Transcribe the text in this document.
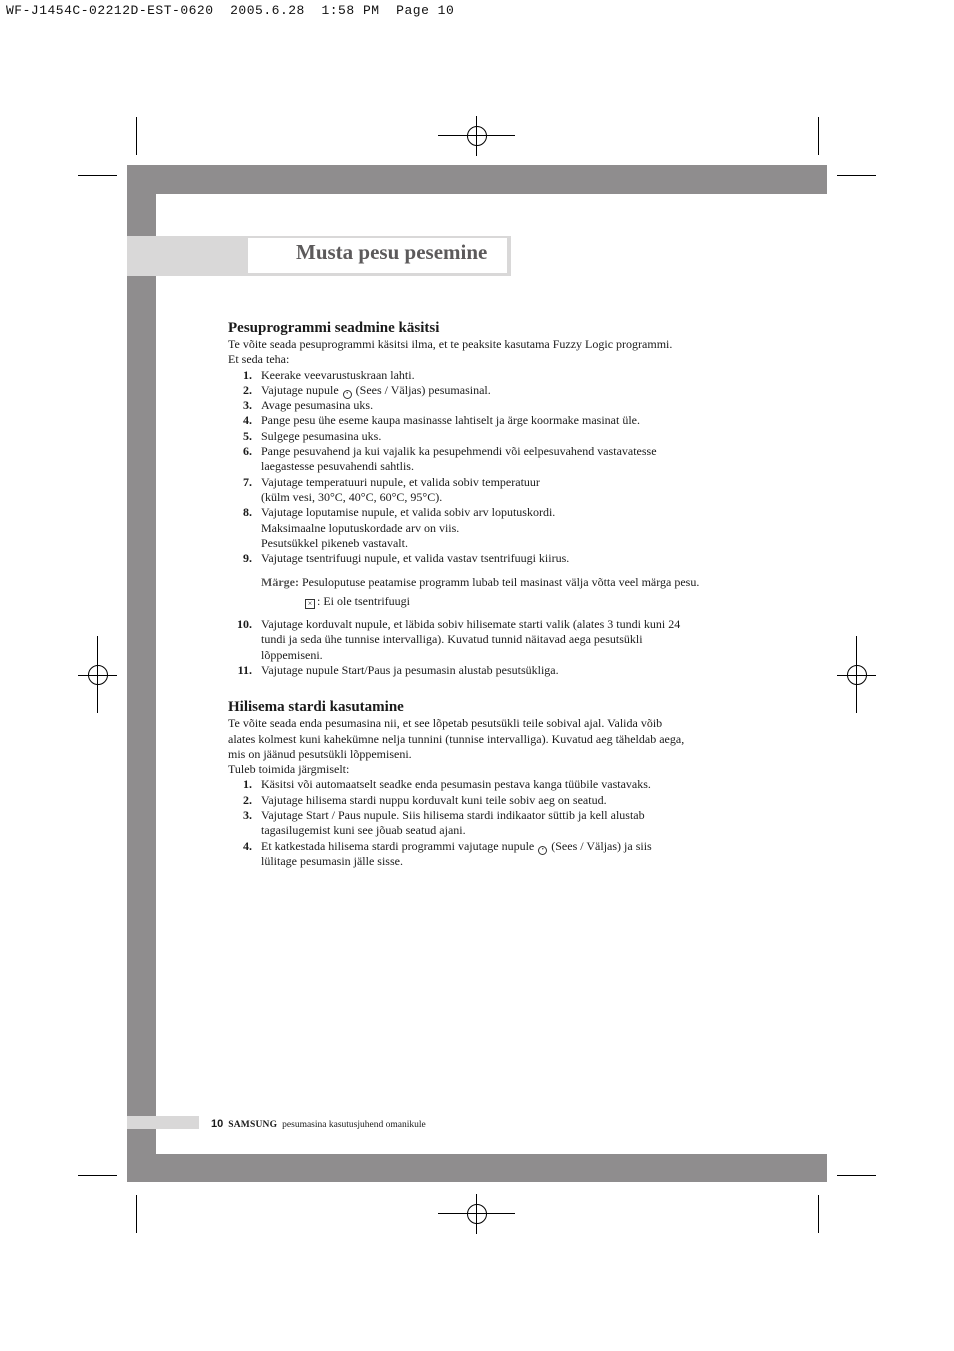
WF-J1454C-02212D-EST-0620  2005.6.28  1:58 PM  Page 10
Musta pesu pesemine
Pesuprogrammi seadmine käsitsi

Te võite seada pesuprogrammi käsitsi ilma, et te peaksite kasutama Fuzzy Logic programmi.

Et seda teha:

1. Keerake veevarustuskraan lahti.
2. Vajutage nupule • (Sees / Väljas) pesumasinal.
3. Avage pesumasina uks.
4. Pange pesu ühe eseme kaupa masinasse lahtiselt ja ärge koormake masinat üle.
5. Sulgege pesumasina uks.
6. Pange pesuvahend ja kui vajalik ka pesupehmendi või eelpesuvahend vastavatesse
laegastesse pesuvahendi sahtlis.
7. Vajutage temperatuuri nupule, et valida sobiv temperatuur
(külm vesi, 30°C, 40°C, 60°C, 95°C).
8. Vajutage loputamise nupule, et valida sobiv arv loputuskordi.
Maksimaalne loputuskordade arv on viis.
Pesutsükkel pikeneb vastavalt.
9. Vajutage tsentrifuugi nupule, et valida vastav tsentrifuugi kiirus.
Märge: Pesuloputuse peatamise programm lubab teil masinast välja võtta veel märga pesu.
× : Ei ole tsentrifuugi
10. Vajutage korduvalt nupule, et läbida sobiv hilisemate starti valik (alates 3 tundi kuni 24
tundi ja seda ühe tunnise intervalliga). Kuvatud tunnid näitavad aega pesutsükli
lõppemiseni.
11. Vajutage nupule Start/Paus ja pesumasin alustab pesutsükliga.
Hilisema stardi kasutamine

Te võite seada enda pesumasina nii, et see lõpetab pesutsükli teile sobival ajal. Valida võib

alates kolmest kuni kahekümne nelja tunnini (tunnise intervalliga). Kuvatud aeg täheldab aega,

mis on jäänud pesutsükli lõppemiseni.

Tuleb toimida järgmiselt:

1. Käsitsi või automaatselt seadke enda pesumasin pestava kanga tüübile vastavaks.
2. Vajutage hilisema stardi nuppu korduvalt kuni teile sobiv aeg on seatud.
3. Vajutage Start / Paus nupule. Siis hilisema stardi indikaator süttib ja kell alustab
tagasilugemist kuni see jõuab seatud ajani.
4. Et katkestada hilisema stardi programmi vajutage nupule • (Sees / Väljas) ja siis
lülitage pesumasin jälle sisse.
10 SAMSUNG pesumasina kasutusjuhend omanikule
